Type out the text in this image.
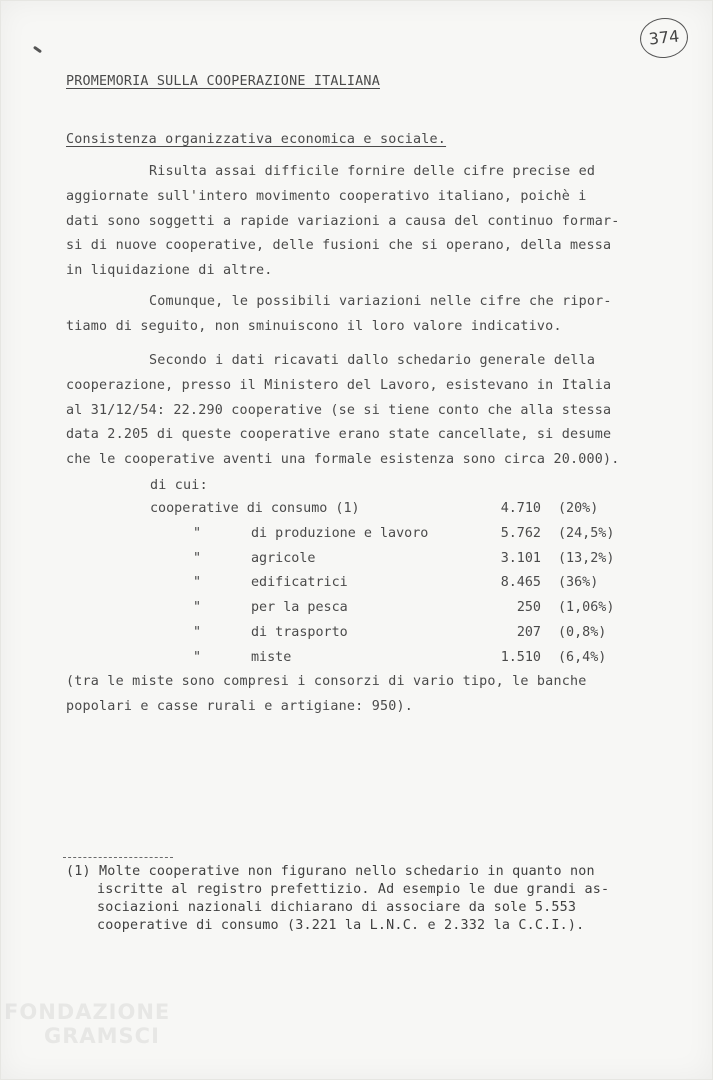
374
PROMEMORIA SULLA COOPERAZIONE ITALIANA
Consistenza organizzativa economica e sociale.
Risulta assai difficile fornire delle cifre precise ed
aggiornate sull'intero movimento cooperativo italiano, poichè i
dati sono soggetti a rapide variazioni a causa del continuo formar-
si di nuove cooperative, delle fusioni che si operano, della messa
in liquidazione di altre.
Comunque, le possibili variazioni nelle cifre che ripor-
tiamo di seguito, non sminuiscono il loro valore indicativo.
Secondo i dati ricavati dallo schedario generale della
cooperazione, presso il Ministero del Lavoro, esistevano in Italia
al 31/12/54: 22.290 cooperative (se si tiene conto che alla stessa
data 2.205 di queste cooperative erano state cancellate, si desume
che le cooperative aventi una formale esistenza sono circa 20.000).
di cui:
cooperative di consumo (1)	4.710 (20%)
"	di produzione e lavoro	5.762 (24,5%)
"	agricole	3.101 (13,2%)
"	edificatrici	8.465 (36%)
"	per la pesca	250 (1,06%)
"	di trasporto	207 (0,8%)
"	miste	1.510 (6,4%)
(tra le miste sono compresi i consorzi di vario tipo, le banche
popolari e casse rurali e artigiane: 950).
(1) Molte cooperative non figurano nello schedario in quanto non
iscritte al registro prefettizio. Ad esempio le due grandi as-
sociazioni nazionali dichiarano di associare da sole 5.553
cooperative di consumo (3.221 la L.N.C. e 2.332 la C.C.I.).
FONDAZIONE
GRAMSCI
